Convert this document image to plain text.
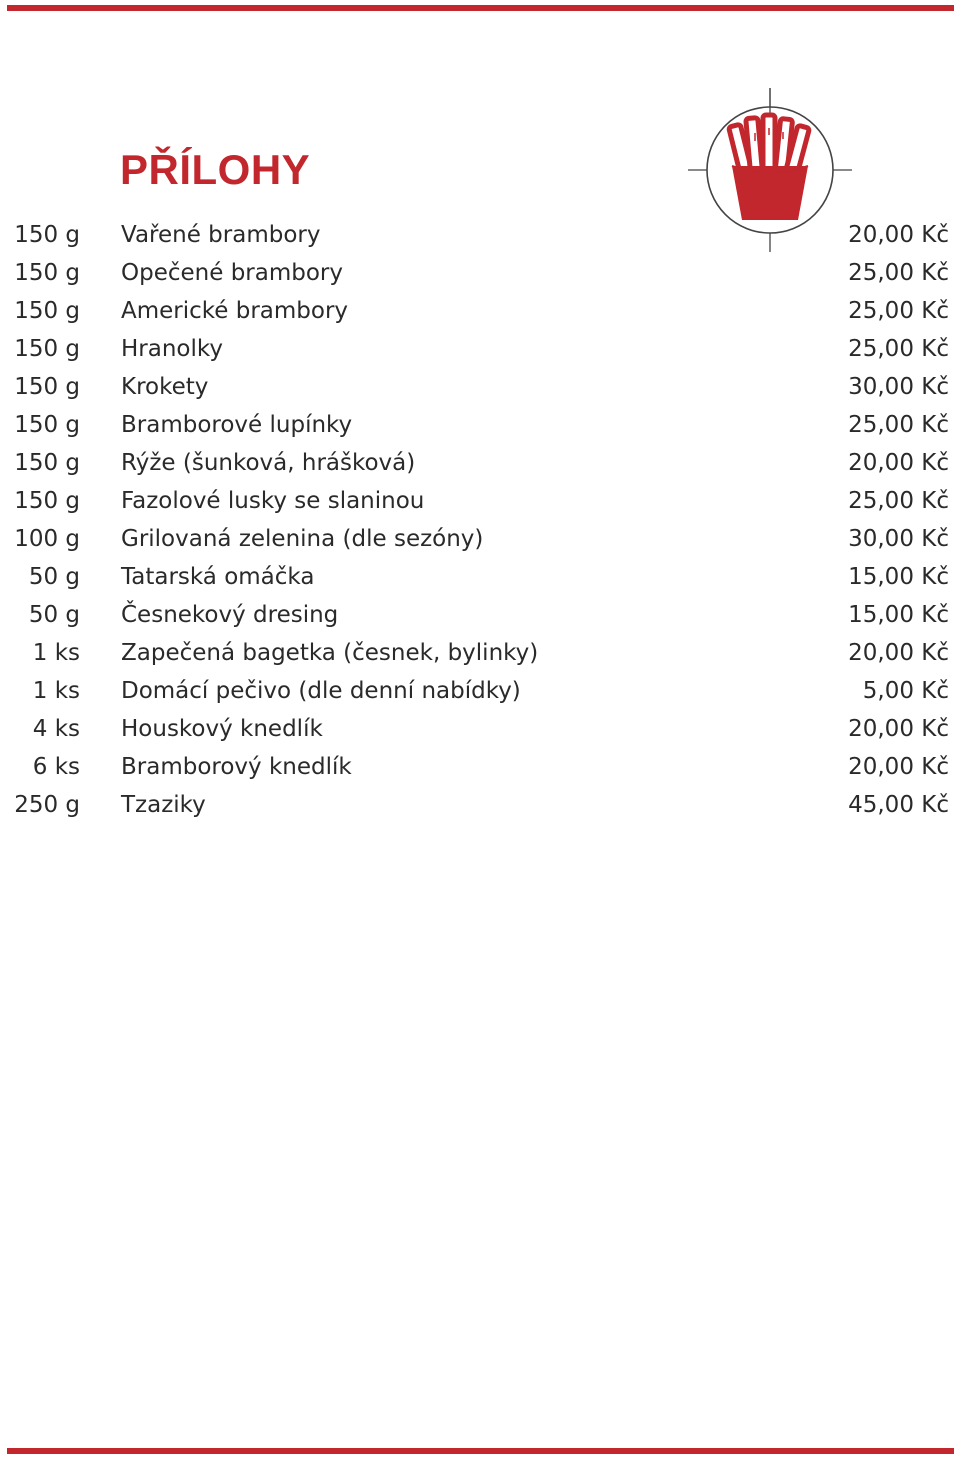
PŘÍLOHY
150 g Vařené brambory	20,00 Kč
150 g Opečené brambory	25,00 Kč
150 g Americké brambory	25,00 Kč
150 g Hranolky	25,00 Kč
150 g Krokety	30,00 Kč
150 g Bramborové lupínky	25,00 Kč
150 g Rýže (šunková, hrášková)	20,00 Kč
150 g Fazolové lusky se slaninou	25,00 Kč
100 g Grilovaná zelenina (dle sezóny)	30,00 Kč
50 g Tatarská omáčka	15,00 Kč
50 g Česnekový dresing	15,00 Kč
1 ks Zapečená bagetka (česnek, bylinky)	20,00 Kč
1 ks Domácí pečivo (dle denní nabídky)	5,00 Kč
4 ks Houskový knedlík	20,00 Kč
6 ks Bramborový knedlík	20,00 Kč
250 g Tzaziky	45,00 Kč
